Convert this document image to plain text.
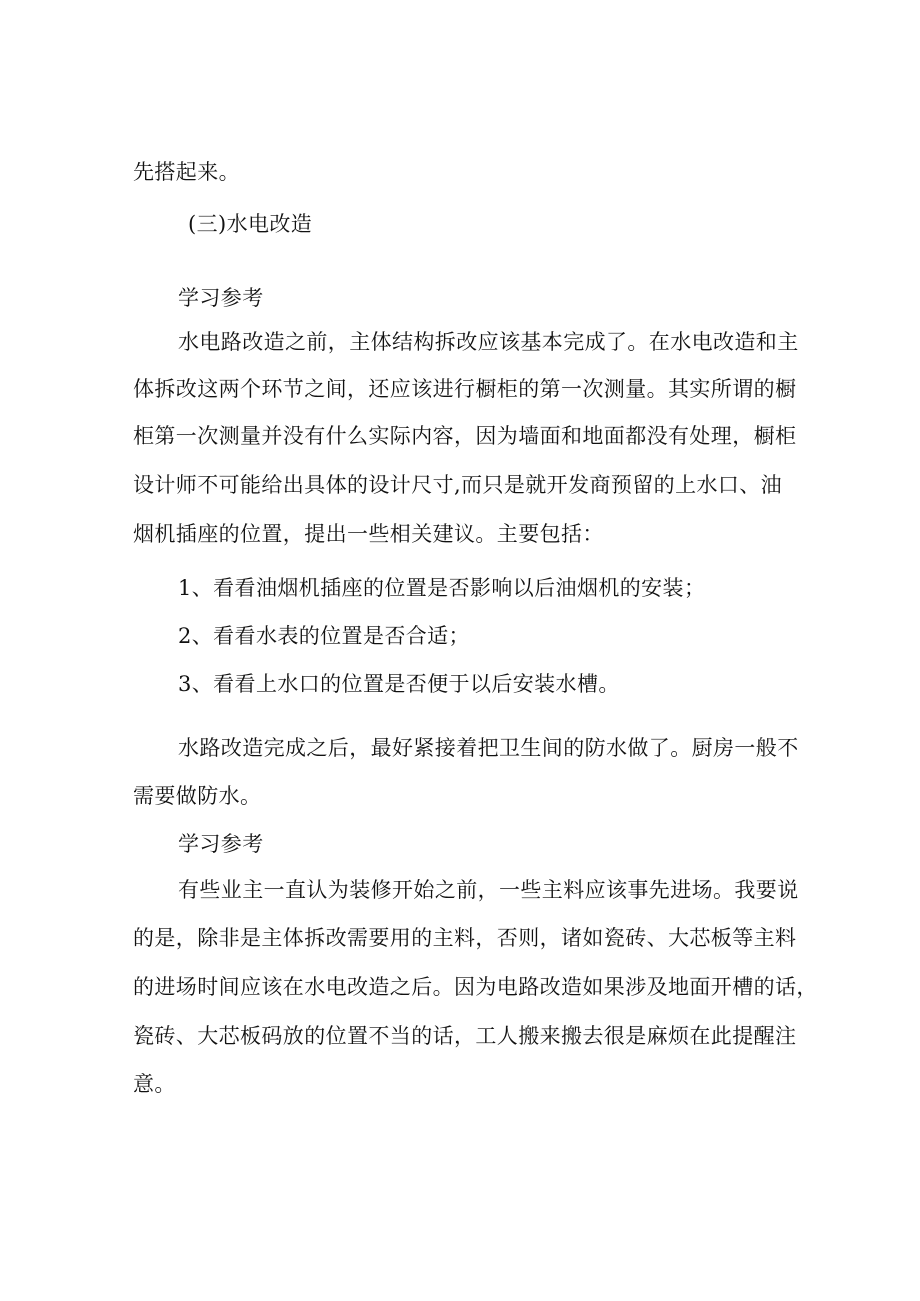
先搭起来。
(三)水电改造
学习参考
水电路改造之前，主体结构拆改应该基本完成了。在水电改造和主
体拆改这两个环节之间，还应该进行橱柜的第一次测量。其实所谓的橱
柜第一次测量并没有什么实际内容，因为墙面和地面都没有处理，橱柜
设计师不可能给出具体的设计尺寸,而只是就开发商预留的上水口、油
烟机插座的位置，提出一些相关建议。主要包括：
1、看看油烟机插座的位置是否影响以后油烟机的安装；
2、看看水表的位置是否合适；
3、看看上水口的位置是否便于以后安装水槽。
水路改造完成之后，最好紧接着把卫生间的防水做了。厨房一般不
需要做防水。
学习参考
有些业主一直认为装修开始之前，一些主料应该事先进场。我要说
的是，除非是主体拆改需要用的主料，否则，诸如瓷砖、大芯板等主料
的进场时间应该在水电改造之后。因为电路改造如果涉及地面开槽的话，
瓷砖、大芯板码放的位置不当的话，工人搬来搬去很是麻烦在此提醒注
意。
